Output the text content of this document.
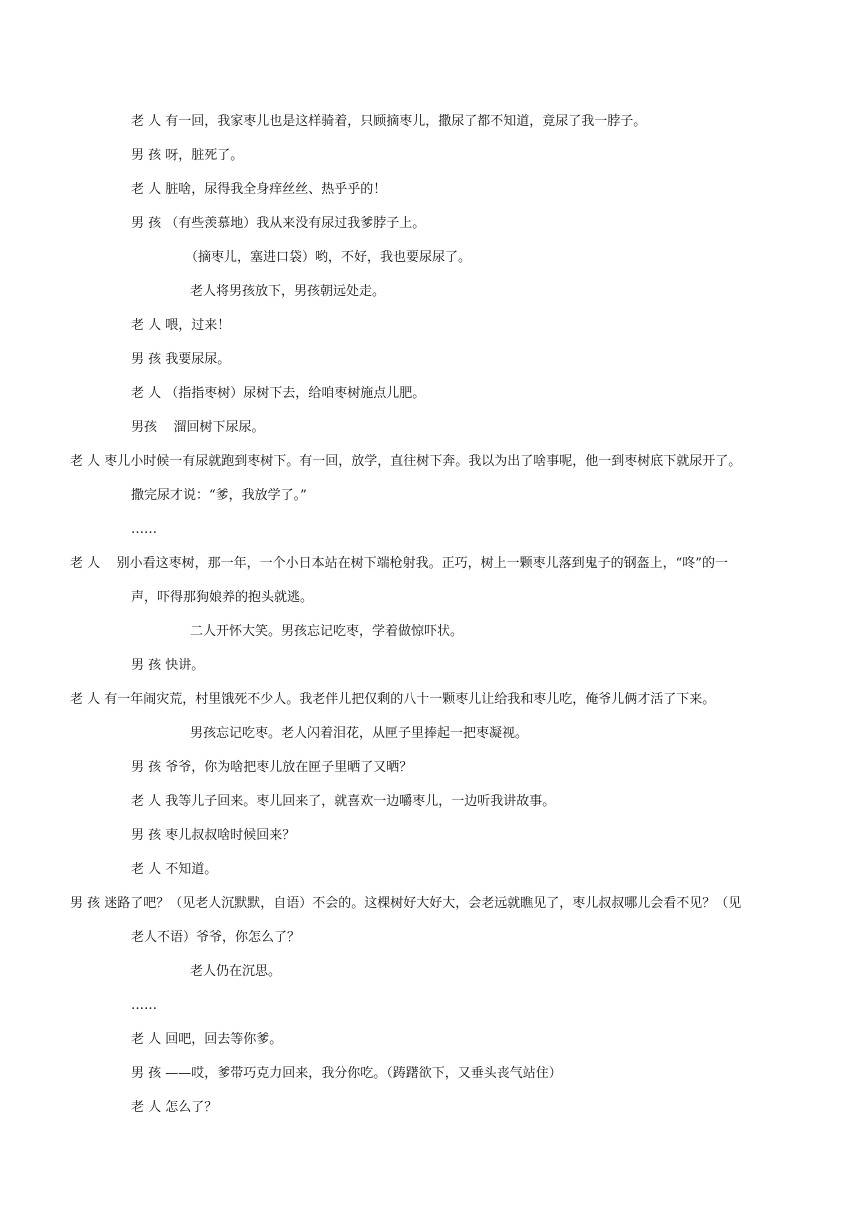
老 人 有一回，我家枣儿也是这样骑着，只顾摘枣儿，撒尿了都不知道，竟尿了我一脖子。
男 孩 呀，脏死了。
老 人 脏啥，尿得我全身痒丝丝、热乎乎的！
男 孩 （有些羡慕地）我从来没有尿过我爹脖子上。
（摘枣儿，塞进口袋）哟，不好，我也要尿尿了。
老人将男孩放下，男孩朝远处走。
老 人 喂，过来！
男 孩 我要尿尿。
老 人 （指指枣树）尿树下去，给咱枣树施点儿肥。
男孩    溜回树下尿尿。
老 人 枣儿小时候一有尿就跑到枣树下。有一回，放学，直往树下奔。我以为出了啥事呢，他一到枣树底下就尿开了。
撒完尿才说：“爹，我放学了。”
……
老 人    别小看这枣树，那一年，一个小日本站在树下端枪射我。正巧，树上一颗枣儿落到鬼子的钢盔上，“咚”的一
声，吓得那狗娘养的抱头就逃。
二人开怀大笑。男孩忘记吃枣，学着做惊吓状。
男 孩 快讲。
老 人 有一年闹灾荒，村里饿死不少人。我老伴儿把仅剩的八十一颗枣儿让给我和枣儿吃，俺爷儿俩才活了下来。
男孩忘记吃枣。老人闪着泪花，从匣子里捧起一把枣凝视。
男 孩 爷爷，你为啥把枣儿放在匣子里晒了又晒？
老 人 我等儿子回来。枣儿回来了，就喜欢一边嚼枣儿，一边听我讲故事。
男 孩 枣儿叔叔啥时候回来？
老 人 不知道。
男 孩 迷路了吧？（见老人沉默默，自语）不会的。这棵树好大好大，会老远就瞧见了，枣儿叔叔哪儿会看不见？（见
老人不语）爷爷，你怎么了？
老人仍在沉思。
……
老 人 回吧，回去等你爹。
男 孩 ——哎，爹带巧克力回来，我分你吃。（踌躇欲下，又垂头丧气站住）
老 人 怎么了？
